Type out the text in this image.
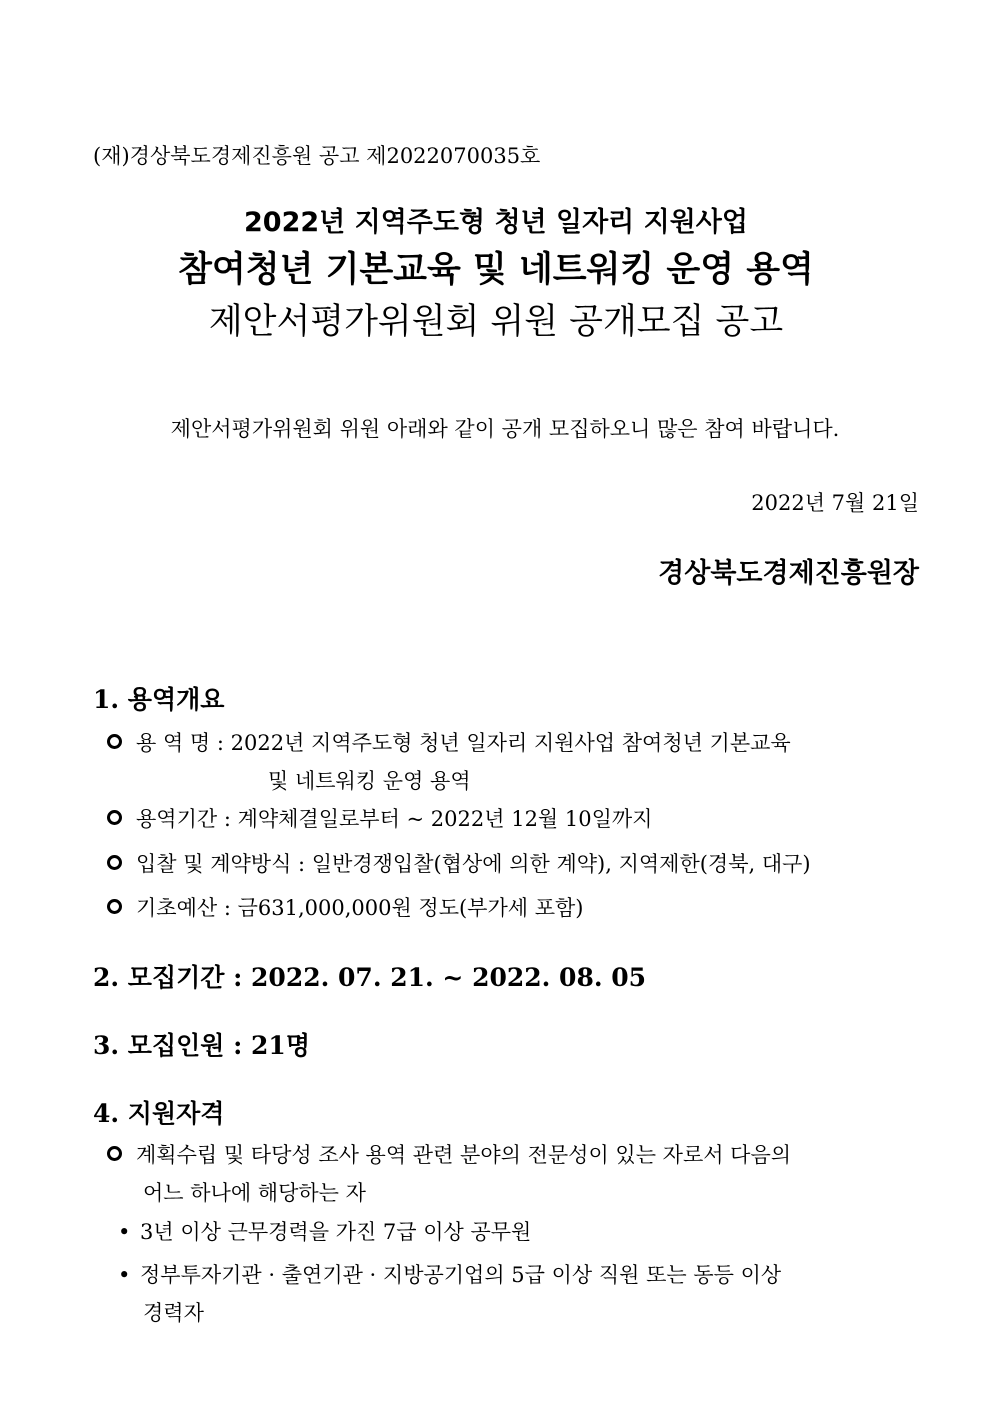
(재)경상북도경제진흥원 공고 제2022070035호
2022년 지역주도형 청년 일자리 지원사업
참여청년 기본교육 및 네트워킹 운영 용역
제안서평가위원회 위원 공개모집 공고
제안서평가위원회 위원 아래와 같이 공개 모집하오니 많은 참여 바랍니다.
2022년 7월 21일
경상북도경제진흥원장
1. 용역개요
용 역 명 : 2022년 지역주도형 청년 일자리 지원사업 참여청년 기본교육
및 네트워킹 운영 용역
용역기간 : 계약체결일로부터 ~ 2022년 12월 10일까지
입찰 및 계약방식 : 일반경쟁입찰(협상에 의한 계약), 지역제한(경북, 대구)
기초예산 : 금631,000,000원 정도(부가세 포함)
2. 모집기간 : 2022. 07. 21. ~ 2022. 08. 05
3. 모집인원 : 21명
4. 지원자격
계획수립 및 타당성 조사 용역 관련 분야의 전문성이 있는 자로서 다음의
어느 하나에 해당하는 자
• 3년 이상 근무경력을 가진 7급 이상 공무원
• 정부투자기관 · 출연기관 · 지방공기업의 5급 이상 직원 또는 동등 이상
경력자
